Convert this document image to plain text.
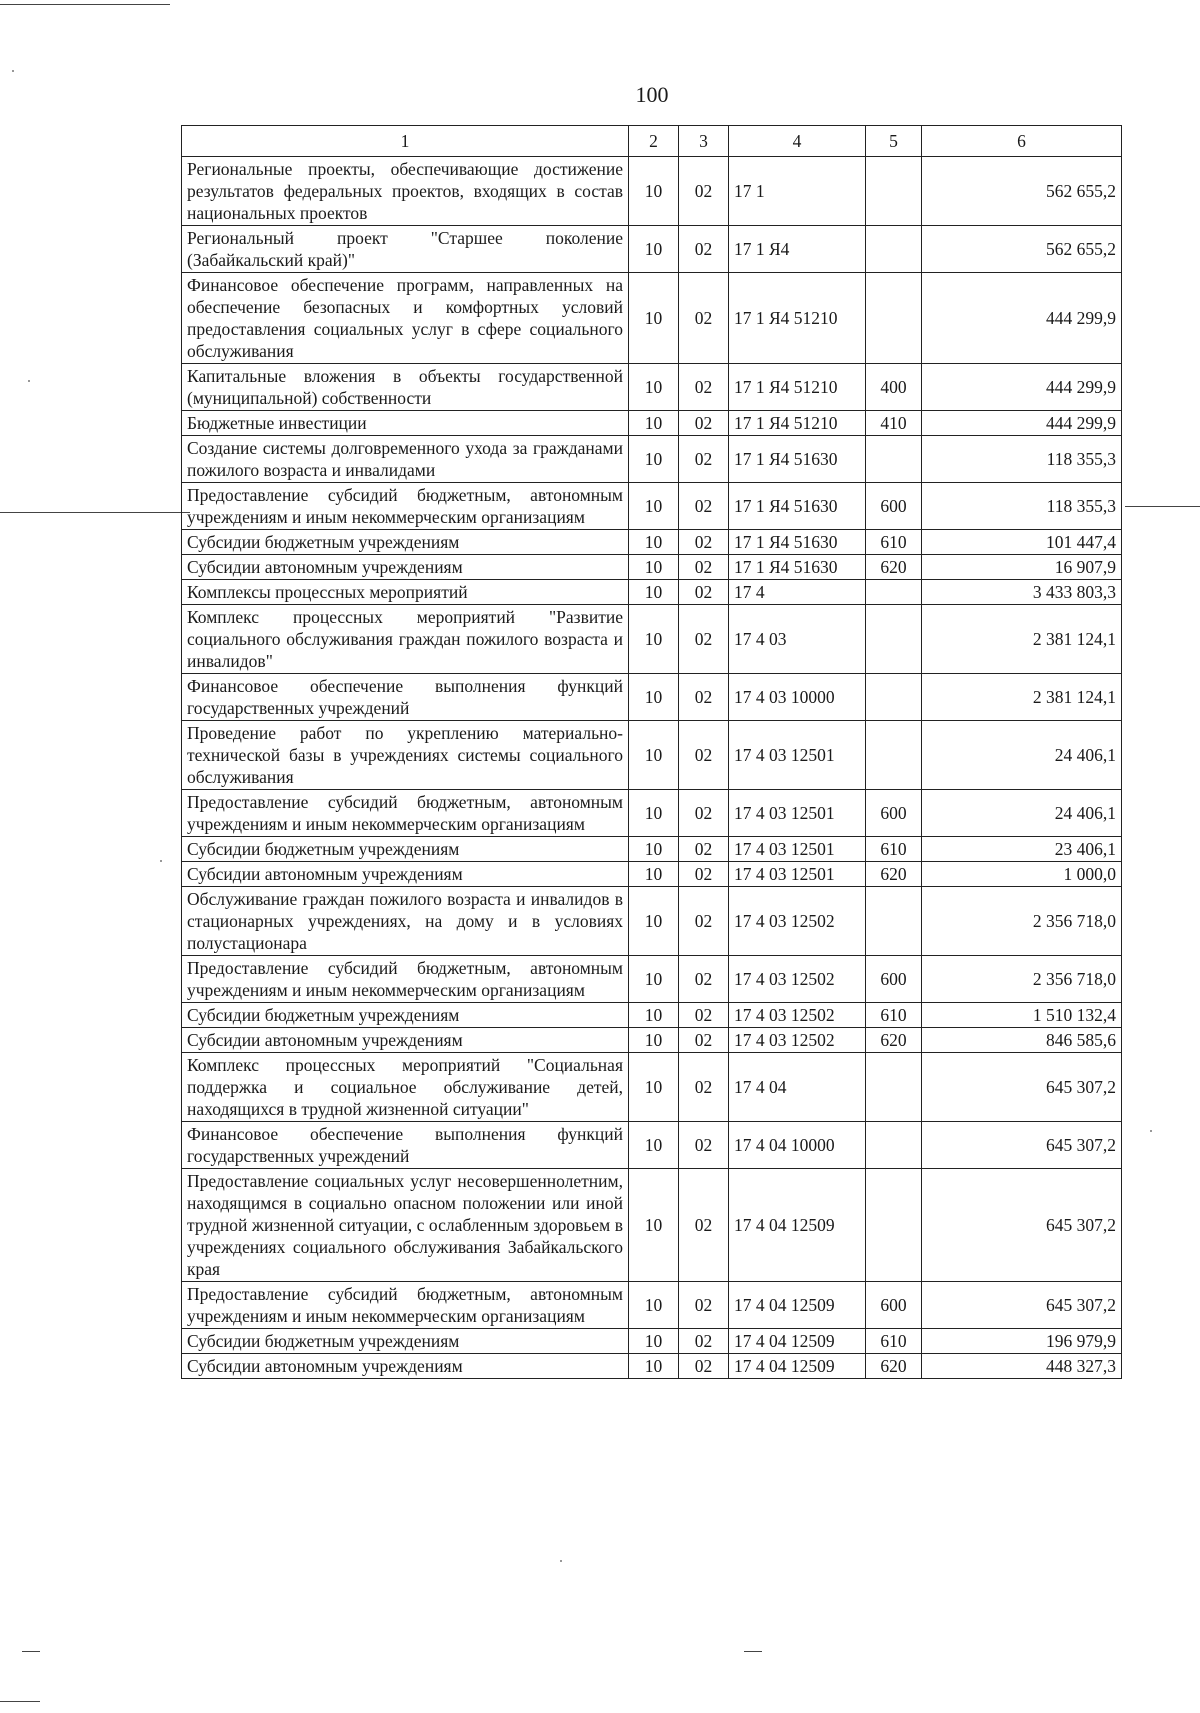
100
1	2	3	4	5	6
Региональные проекты, обеспечивающие достижение результатов федеральных проектов, входящих в состав национальных проектов	10	02	17 1		562 655,2
Региональный проект "Старшее поколение (Забайкальский край)"	10	02	17 1 Я4		562 655,2
Финансовое обеспечение программ, направленных на обеспечение безопасных и комфортных условий предоставления социальных услуг в сфере социального обслуживания	10	02	17 1 Я4 51210		444 299,9
Капитальные вложения в объекты государственной (муниципальной) собственности	10	02	17 1 Я4 51210	400	444 299,9
Бюджетные инвестиции	10	02	17 1 Я4 51210	410	444 299,9
Создание системы долговременного ухода за гражданами пожилого возраста и инвалидами	10	02	17 1 Я4 51630		118 355,3
Предоставление субсидий бюджетным, автономным учреждениям и иным некоммерческим организациям	10	02	17 1 Я4 51630	600	118 355,3
Субсидии бюджетным учреждениям	10	02	17 1 Я4 51630	610	101 447,4
Субсидии автономным учреждениям	10	02	17 1 Я4 51630	620	16 907,9
Комплексы процессных мероприятий	10	02	17 4		3 433 803,3
Комплекс процессных мероприятий "Развитие социального обслуживания граждан пожилого возраста и инвалидов"	10	02	17 4 03		2 381 124,1
Финансовое обеспечение выполнения функций государственных учреждений	10	02	17 4 03 10000		2 381 124,1
Проведение работ по укреплению материально-технической базы в учреждениях системы социального обслуживания	10	02	17 4 03 12501		24 406,1
Предоставление субсидий бюджетным, автономным учреждениям и иным некоммерческим организациям	10	02	17 4 03 12501	600	24 406,1
Субсидии бюджетным учреждениям	10	02	17 4 03 12501	610	23 406,1
Субсидии автономным учреждениям	10	02	17 4 03 12501	620	1 000,0
Обслуживание граждан пожилого возраста и инвалидов в стационарных учреждениях, на дому и в условиях полустационара	10	02	17 4 03 12502		2 356 718,0
Предоставление субсидий бюджетным, автономным учреждениям и иным некоммерческим организациям	10	02	17 4 03 12502	600	2 356 718,0
Субсидии бюджетным учреждениям	10	02	17 4 03 12502	610	1 510 132,4
Субсидии автономным учреждениям	10	02	17 4 03 12502	620	846 585,6
Комплекс процессных мероприятий "Социальная поддержка и социальное обслуживание детей, находящихся в трудной жизненной ситуации"	10	02	17 4 04		645 307,2
Финансовое обеспечение выполнения функций государственных учреждений	10	02	17 4 04 10000		645 307,2
Предоставление социальных услуг несовершеннолетним, находящимся в социально опасном положении или иной трудной жизненной ситуации, с ослабленным здоровьем в учреждениях социального обслуживания Забайкальского края	10	02	17 4 04 12509		645 307,2
Предоставление субсидий бюджетным, автономным учреждениям и иным некоммерческим организациям	10	02	17 4 04 12509	600	645 307,2
Субсидии бюджетным учреждениям	10	02	17 4 04 12509	610	196 979,9
Субсидии автономным учреждениям	10	02	17 4 04 12509	620	448 327,3
